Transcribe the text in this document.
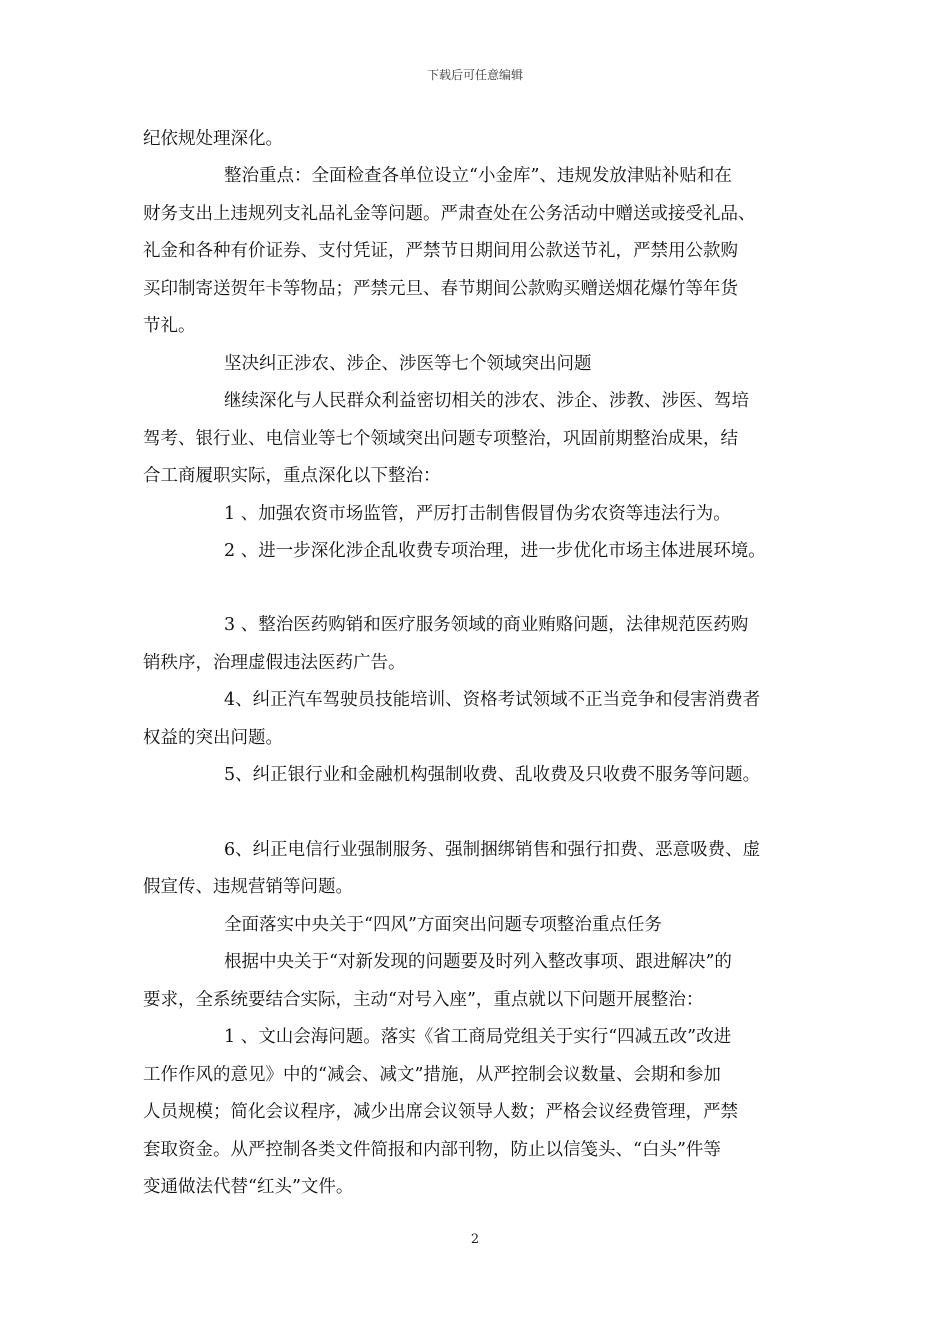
下载后可任意编辑
纪依规处理深化。
整治重点：全面检查各单位设立“小金库”、违规发放津贴补贴和在
财务支出上违规列支礼品礼金等问题。严肃查处在公务活动中赠送或接受礼品、
礼金和各种有价证券、支付凭证，严禁节日期间用公款送节礼，严禁用公款购
买印制寄送贺年卡等物品；严禁元旦、春节期间公款购买赠送烟花爆竹等年货
节礼。
坚决纠正涉农、涉企、涉医等七个领域突出问题
继续深化与人民群众利益密切相关的涉农、涉企、涉教、涉医、驾培
驾考、银行业、电信业等七个领域突出问题专项整治，巩固前期整治成果，结
合工商履职实际，重点深化以下整治：
1 、加强农资市场监管，严厉打击制售假冒伪劣农资等违法行为。
2 、进一步深化涉企乱收费专项治理，进一步优化市场主体进展环境。
3 、整治医药购销和医疗服务领域的商业贿赂问题，法律规范医药购
销秩序，治理虚假违法医药广告。
4、纠正汽车驾驶员技能培训、资格考试领域不正当竞争和侵害消费者
权益的突出问题。
5、纠正银行业和金融机构强制收费、乱收费及只收费不服务等问题。
6、纠正电信行业强制服务、强制捆绑销售和强行扣费、恶意吸费、虚
假宣传、违规营销等问题。
全面落实中央关于“四风”方面突出问题专项整治重点任务
根据中央关于“对新发现的问题要及时列入整改事项、跟进解决”的
要求，全系统要结合实际，主动“对号入座”，重点就以下问题开展整治：
1 、文山会海问题。落实《省工商局党组关于实行“四减五改”改进
工作作风的意见》中的“减会、减文”措施，从严控制会议数量、会期和参加
人员规模；简化会议程序，减少出席会议领导人数；严格会议经费管理，严禁
套取资金。从严控制各类文件简报和内部刊物，防止以信笺头、“白头”件等
变通做法代替“红头”文件。
2
